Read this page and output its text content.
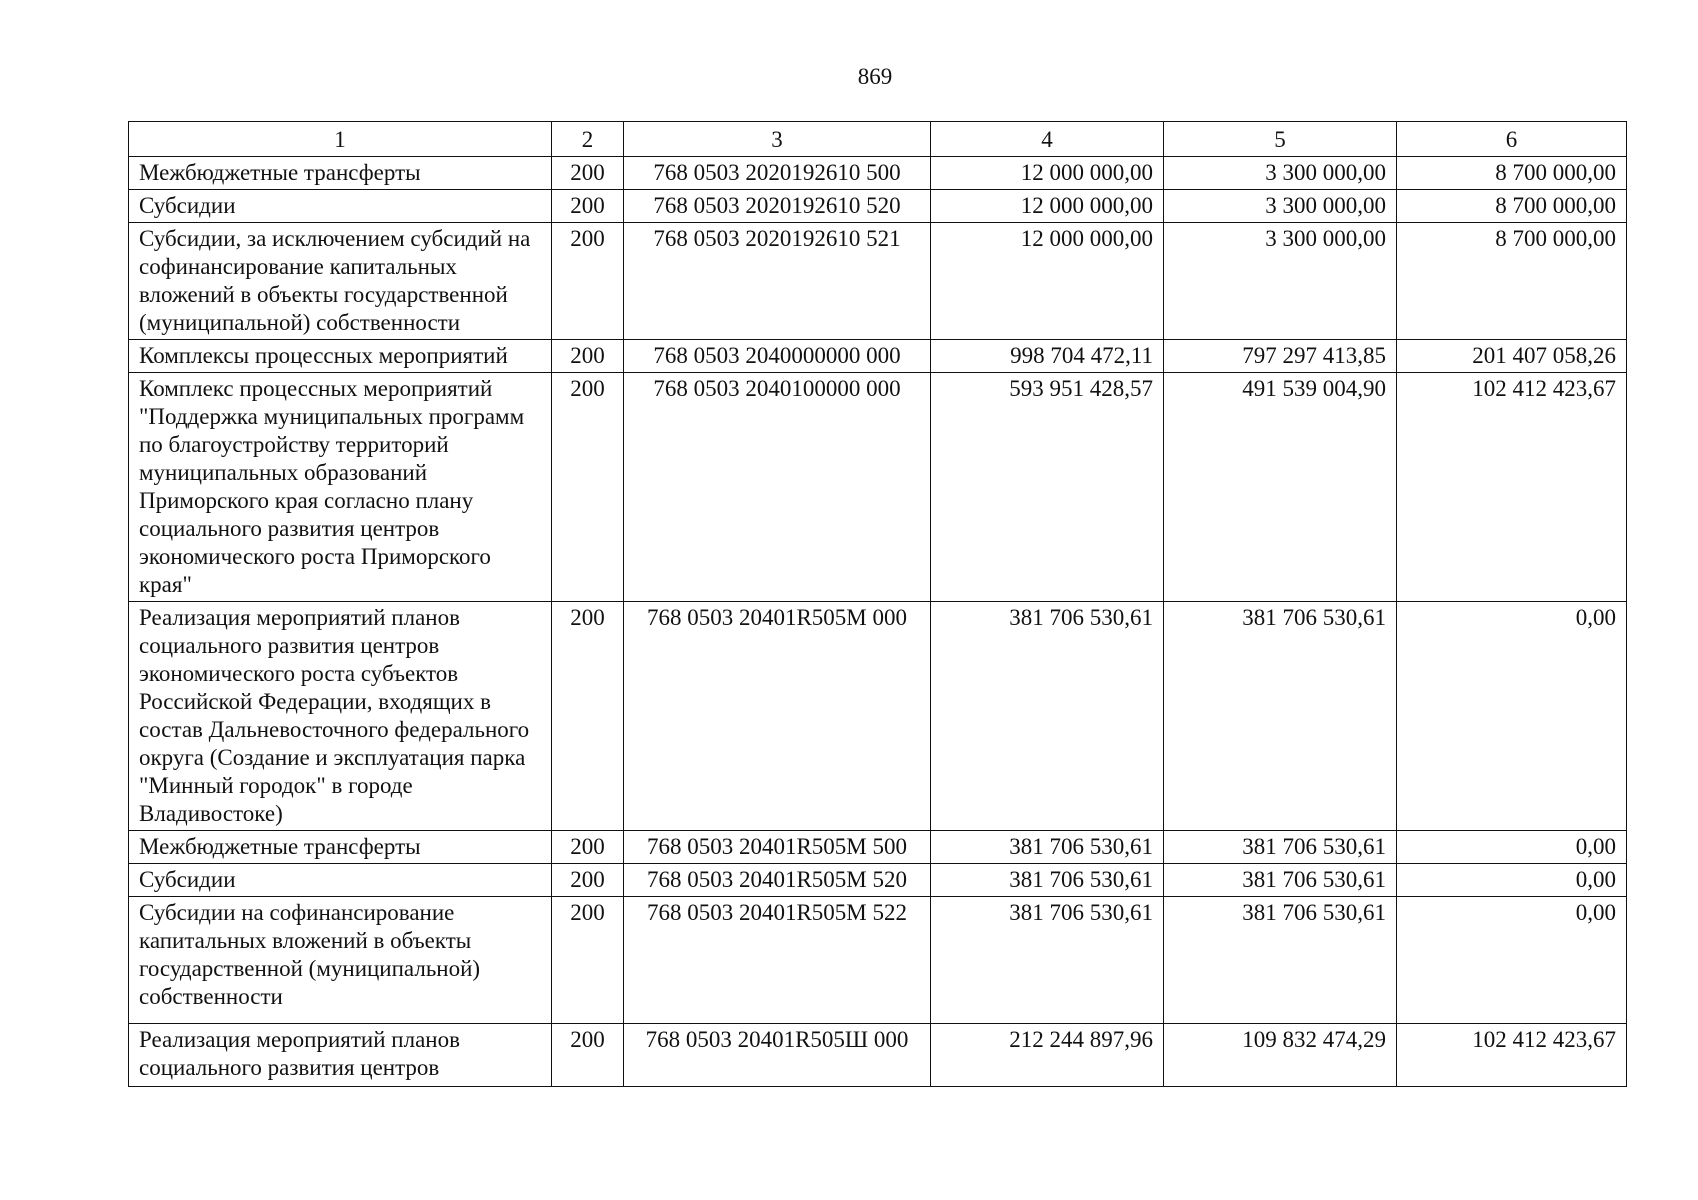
869
1	2	3	4	5	6
Межбюджетные трансферты	200	768 0503 2020192610 500	12 000 000,00	3 300 000,00	8 700 000,00
Субсидии	200	768 0503 2020192610 520	12 000 000,00	3 300 000,00	8 700 000,00
Субсидии, за исключением субсидий на софинансирование капитальных вложений в объекты государственной (муниципальной) собственности	200	768 0503 2020192610 521	12 000 000,00	3 300 000,00	8 700 000,00
Комплексы процессных мероприятий	200	768 0503 2040000000 000	998 704 472,11	797 297 413,85	201 407 058,26
Комплекс процессных мероприятий "Поддержка муниципальных программ по благоустройству территорий муниципальных образований Приморского края согласно плану социального развития центров экономического роста Приморского края"	200	768 0503 2040100000 000	593 951 428,57	491 539 004,90	102 412 423,67
Реализация мероприятий планов социального развития центров экономического роста субъектов Российской Федерации, входящих в состав Дальневосточного федерального округа (Создание и эксплуатация парка "Минный городок" в городе Владивостоке)	200	768 0503 20401R505M 000	381 706 530,61	381 706 530,61	0,00
Межбюджетные трансферты	200	768 0503 20401R505M 500	381 706 530,61	381 706 530,61	0,00
Субсидии	200	768 0503 20401R505M 520	381 706 530,61	381 706 530,61	0,00
Субсидии на софинансирование капитальных вложений в объекты государственной (муниципальной) собственности	200	768 0503 20401R505M 522	381 706 530,61	381 706 530,61	0,00
Реализация мероприятий планов социального развития центров	200	768 0503 20401R505Ш 000	212 244 897,96	109 832 474,29	102 412 423,67
